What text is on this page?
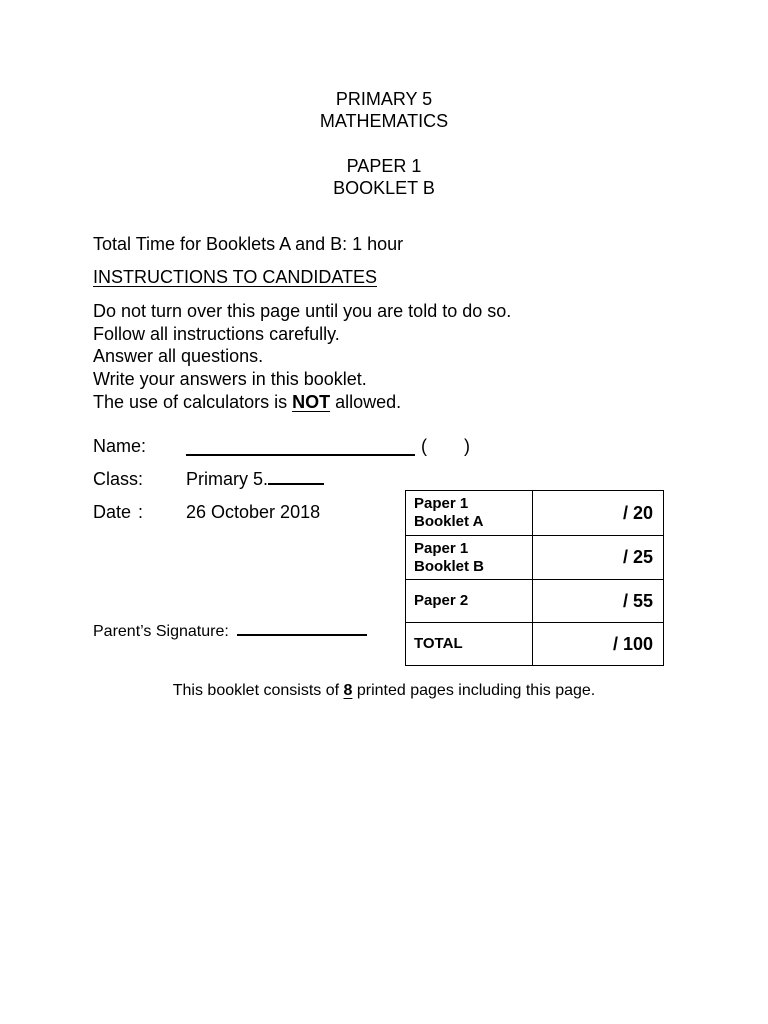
PRIMARY 5
MATHEMATICS
PAPER 1
BOOKLET B
Total Time for Booklets A and B: 1 hour
INSTRUCTIONS TO CANDIDATES
Do not turn over this page until you are told to do so.
Follow all instructions carefully.
Answer all questions.
Write your answers in this booklet.
The use of calculators is NOT allowed.
Name:	( )
Class: Primary 5.
Date : 26 October 2018
Parent’s Signature:
Paper 1
Booklet A	/ 20

Paper 1
Booklet B	/ 25
Paper 2	/ 55
TOTAL	/ 100
This booklet consists of 8 printed pages including this page.
